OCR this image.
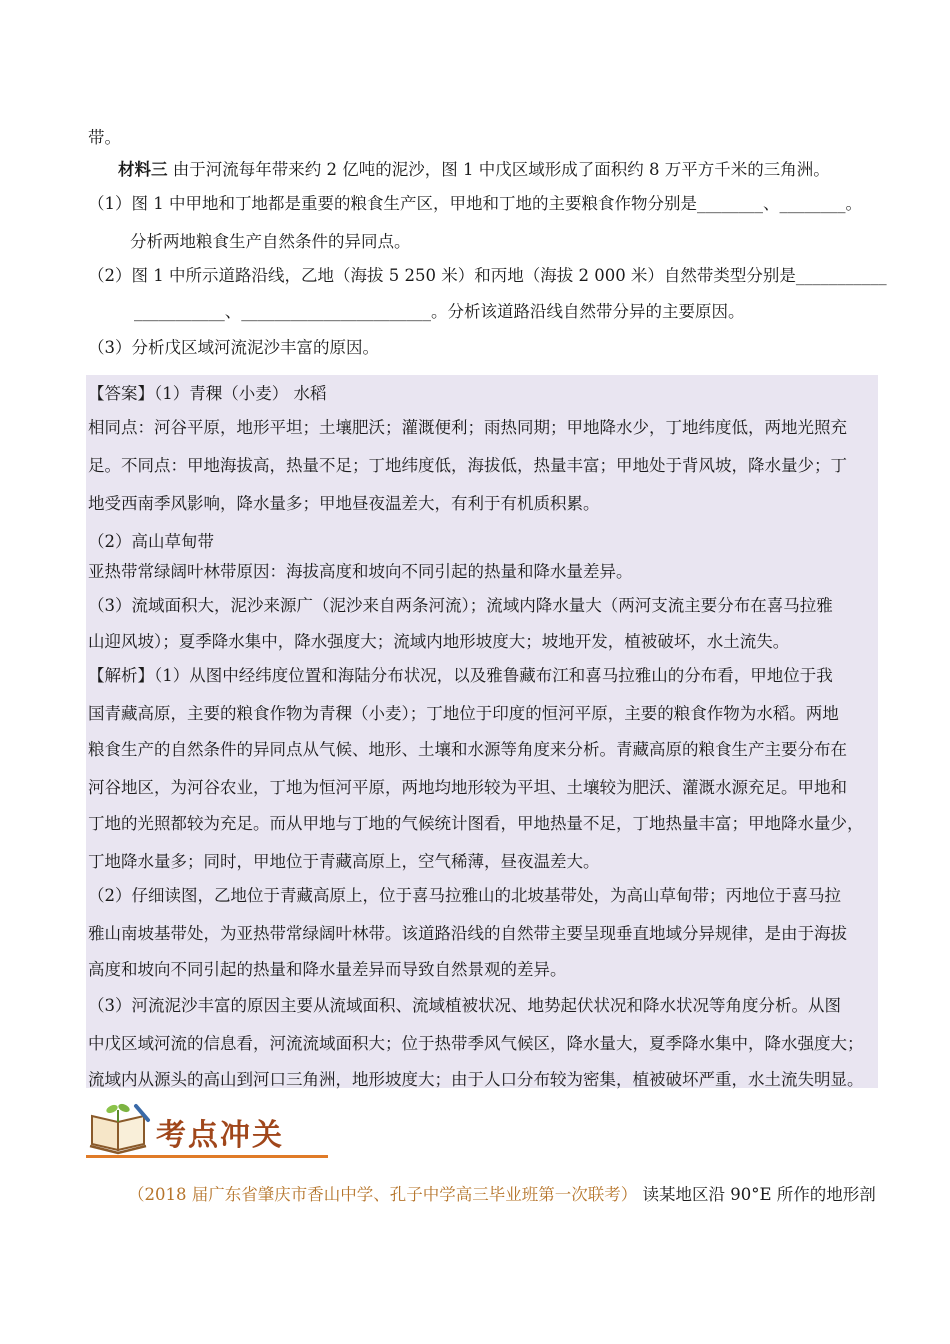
带。
材料三 由于河流每年带来约 2 亿吨的泥沙，图 1 中戊区域形成了面积约 8 万平方千米的三角洲。
（1）图 1 中甲地和丁地都是重要的粮食生产区，甲地和丁地的主要粮食作物分别是________、________。
分析两地粮食生产自然条件的异同点。
（2）图 1 中所示道路沿线，乙地（海拔 5 250 米）和丙地（海拔 2 000 米）自然带类型分别是___________
___________、_______________________。分析该道路沿线自然带分异的主要原因。
（3）分析戊区域河流泥沙丰富的原因。
【答案】（1）青稞（小麦） 水稻
相同点：河谷平原，地形平坦；土壤肥沃；灌溉便利；雨热同期；甲地降水少，丁地纬度低，两地光照充
足。不同点：甲地海拔高，热量不足；丁地纬度低，海拔低，热量丰富；甲地处于背风坡，降水量少；丁
地受西南季风影响，降水量多；甲地昼夜温差大，有利于有机质积累。
（2）高山草甸带
亚热带常绿阔叶林带原因：海拔高度和坡向不同引起的热量和降水量差异。
（3）流域面积大，泥沙来源广（泥沙来自两条河流）；流域内降水量大（两河支流主要分布在喜马拉雅
山迎风坡）；夏季降水集中，降水强度大；流域内地形坡度大；坡地开发，植被破坏，水土流失。
【解析】（1）从图中经纬度位置和海陆分布状况，以及雅鲁藏布江和喜马拉雅山的分布看，甲地位于我
国青藏高原，主要的粮食作物为青稞（小麦）；丁地位于印度的恒河平原，主要的粮食作物为水稻。两地
粮食生产的自然条件的异同点从气候、地形、土壤和水源等角度来分析。青藏高原的粮食生产主要分布在
河谷地区，为河谷农业，丁地为恒河平原，两地均地形较为平坦、土壤较为肥沃、灌溉水源充足。甲地和
丁地的光照都较为充足。而从甲地与丁地的气候统计图看，甲地热量不足，丁地热量丰富；甲地降水量少，
丁地降水量多；同时，甲地位于青藏高原上，空气稀薄，昼夜温差大。
（2）仔细读图，乙地位于青藏高原上，位于喜马拉雅山的北坡基带处，为高山草甸带；丙地位于喜马拉
雅山南坡基带处，为亚热带常绿阔叶林带。该道路沿线的自然带主要呈现垂直地域分异规律，是由于海拔
高度和坡向不同引起的热量和降水量差异而导致自然景观的差异。
（3）河流泥沙丰富的原因主要从流域面积、流域植被状况、地势起伏状况和降水状况等角度分析。从图
中戊区域河流的信息看，河流流域面积大；位于热带季风气候区，降水量大，夏季降水集中，降水强度大；
流域内从源头的高山到河口三角洲，地形坡度大；由于人口分布较为密集，植被破坏严重，水土流失明显。
考点冲关
（2018 届广东省肇庆市香山中学、孔子中学高三毕业班第一次联考） 读某地区沿 90°E 所作的地形剖
